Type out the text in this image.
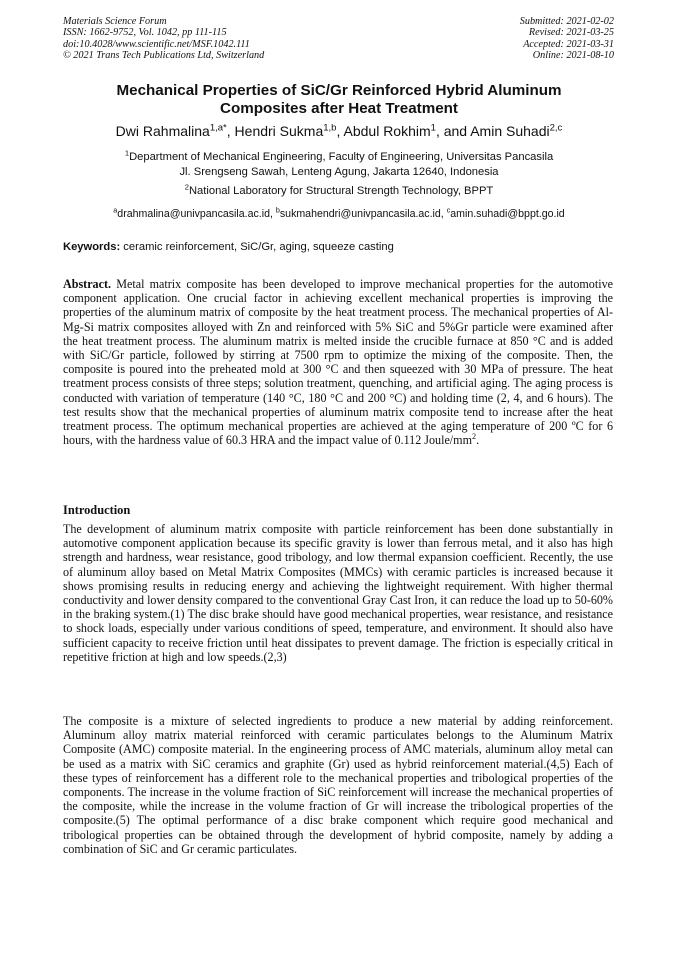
Materials Science Forum
ISSN: 1662-9752, Vol. 1042, pp 111-115
doi:10.4028/www.scientific.net/MSF.1042.111
© 2021 Trans Tech Publications Ltd, Switzerland
Submitted: 2021-02-02
Revised: 2021-03-25
Accepted: 2021-03-31
Online: 2021-08-10
Mechanical Properties of SiC/Gr Reinforced Hybrid Aluminum
Composites after Heat Treatment
Dwi Rahmalina$^{1,a*}$, Hendri Sukma$^{1,b}$, Abdul Rokhim$^1$, and Amin Suhadi$^{2,c}$
$^1$Department of Mechanical Engineering, Faculty of Engineering, Universitas Pancasila
Jl. Srengseng Sawah, Lenteng Agung, Jakarta 12640, Indonesia
$^2$National Laboratory for Structural Strength Technology, BPPT
$^a$drahmalina@univpancasila.ac.id, $^b$sukmahendri@univpancasila.ac.id, $^c$amin.suhadi@bppt.go.id
Keywords: ceramic reinforcement, SiC/Gr, aging, squeeze casting
Abstract. Metal matrix composite has been developed to improve mechanical properties for the automotive component application. One crucial factor in achieving excellent mechanical properties is improving the properties of the aluminum matrix of composite by the heat treatment process. The mechanical properties of Al-Mg-Si matrix composites alloyed with Zn and reinforced with 5% SiC and 5%Gr particle were examined after the heat treatment process. The aluminum matrix is melted inside the crucible furnace at 850 °C and is added with SiC/Gr particle, followed by stirring at 7500 rpm to optimize the mixing of the composite. Then, the composite is poured into the preheated mold at 300 °C and then squeezed with 30 MPa of pressure. The heat treatment process consists of three steps; solution treatment, quenching, and artificial aging. The aging process is conducted with variation of temperature (140 °C, 180 °C and 200 °C) and holding time (2, 4, and 6 hours). The test results show that the mechanical properties of aluminum matrix composite tend to increase after the heat treatment process. The optimum mechanical properties are achieved at the aging temperature of 200 ºC for 6 hours, with the hardness value of 60.3 HRA and the impact value of 0.112 Joule/$mm^2$.
Introduction
The development of aluminum matrix composite with particle reinforcement has been done substantially in automotive component application because its specific gravity is lower than ferrous metal, and it also has high strength and hardness, wear resistance, good tribology, and low thermal expansion coefficient. Recently, the use of aluminum alloy based on Metal Matrix Composites (MMCs) with ceramic particles is increased because it shows promising results in reducing energy and achieving the lightweight requirement. With higher thermal conductivity and lower density compared to the conventional Gray Cast Iron, it can reduce the load up to 50-60% in the braking system.(1) The disc brake should have good mechanical properties, wear resistance, and resistance to shock loads, especially under various conditions of speed, temperature, and environment. It should also have sufficient capacity to receive friction until heat dissipates to prevent damage. The friction is especially critical in repetitive friction at high and low speeds.(2,3)
The composite is a mixture of selected ingredients to produce a new material by adding reinforcement. Aluminum alloy matrix material reinforced with ceramic particulates belongs to the Aluminum Matrix Composite (AMC) composite material. In the engineering process of AMC materials, aluminum alloy metal can be used as a matrix with SiC ceramics and graphite (Gr) used as hybrid reinforcement material.(4,5) Each of these types of reinforcement has a different role to the mechanical properties and tribological properties of the components. The increase in the volume fraction of SiC reinforcement will increase the mechanical properties of the composite, while the increase in the volume fraction of Gr will increase the tribological properties of the composite.(5) The optimal performance of a disc brake component which require good mechanical and tribological properties can be obtained through the development of hybrid composite, namely by adding a combination of SiC and Gr ceramic particulates.
